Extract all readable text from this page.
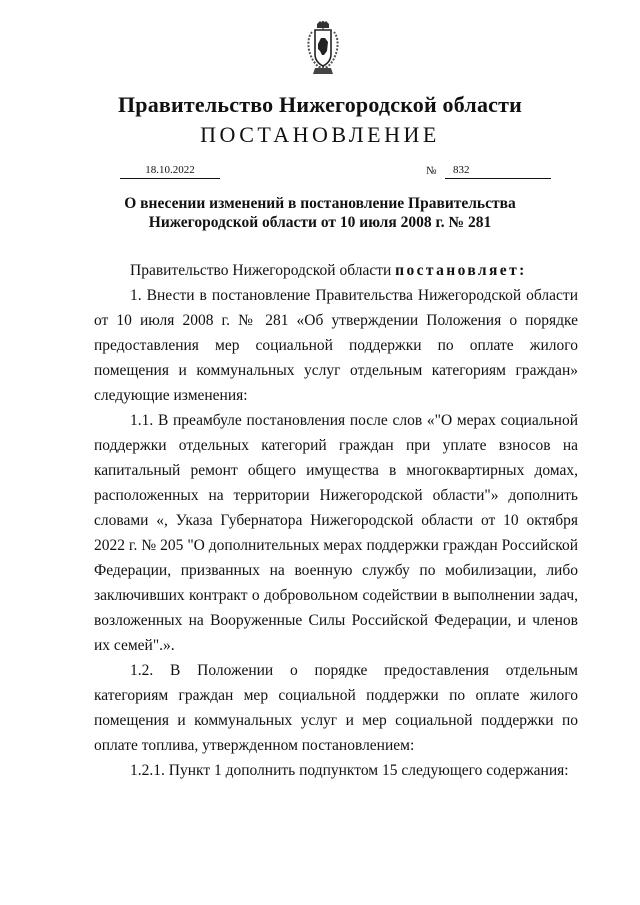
Правительство Нижегородской области
ПОСТАНОВЛЕНИЕ
18.10.2022	№	832
О внесении изменений в постановление Правительства
Нижегородской области от 10 июля 2008 г. № 281

Правительство Нижегородской области постановляет:

1. Внести в постановление Правительства Нижегородской области от 10 июля 2008 г. № 281 «Об утверждении Положения о порядке предоставления мер социальной поддержки по оплате жилого помещения и коммунальных услуг отдельным категориям граждан» следующие изменения:

1.1. В преамбуле постановления после слов «"О мерах социальной поддержки отдельных категорий граждан при уплате взносов на капитальный ремонт общего имущества в многоквартирных домах, расположенных на территории Нижегородской области"» дополнить словами «, Указа Губернатора Нижегородской области от 10 октября 2022 г. № 205 "О дополнительных мерах поддержки граждан Российской Федерации, призванных на военную службу по мобилизации, либо заключивших контракт о добровольном содействии в выполнении задач, возложенных на Вооруженные Силы Российской Федерации, и членов их семей".».

1.2. В Положении о порядке предоставления отдельным категориям граждан мер социальной поддержки по оплате жилого помещения и коммунальных услуг и мер социальной поддержки по оплате топлива, утвержденном постановлением:

1.2.1. Пункт 1 дополнить подпунктом 15 следующего содержания:
